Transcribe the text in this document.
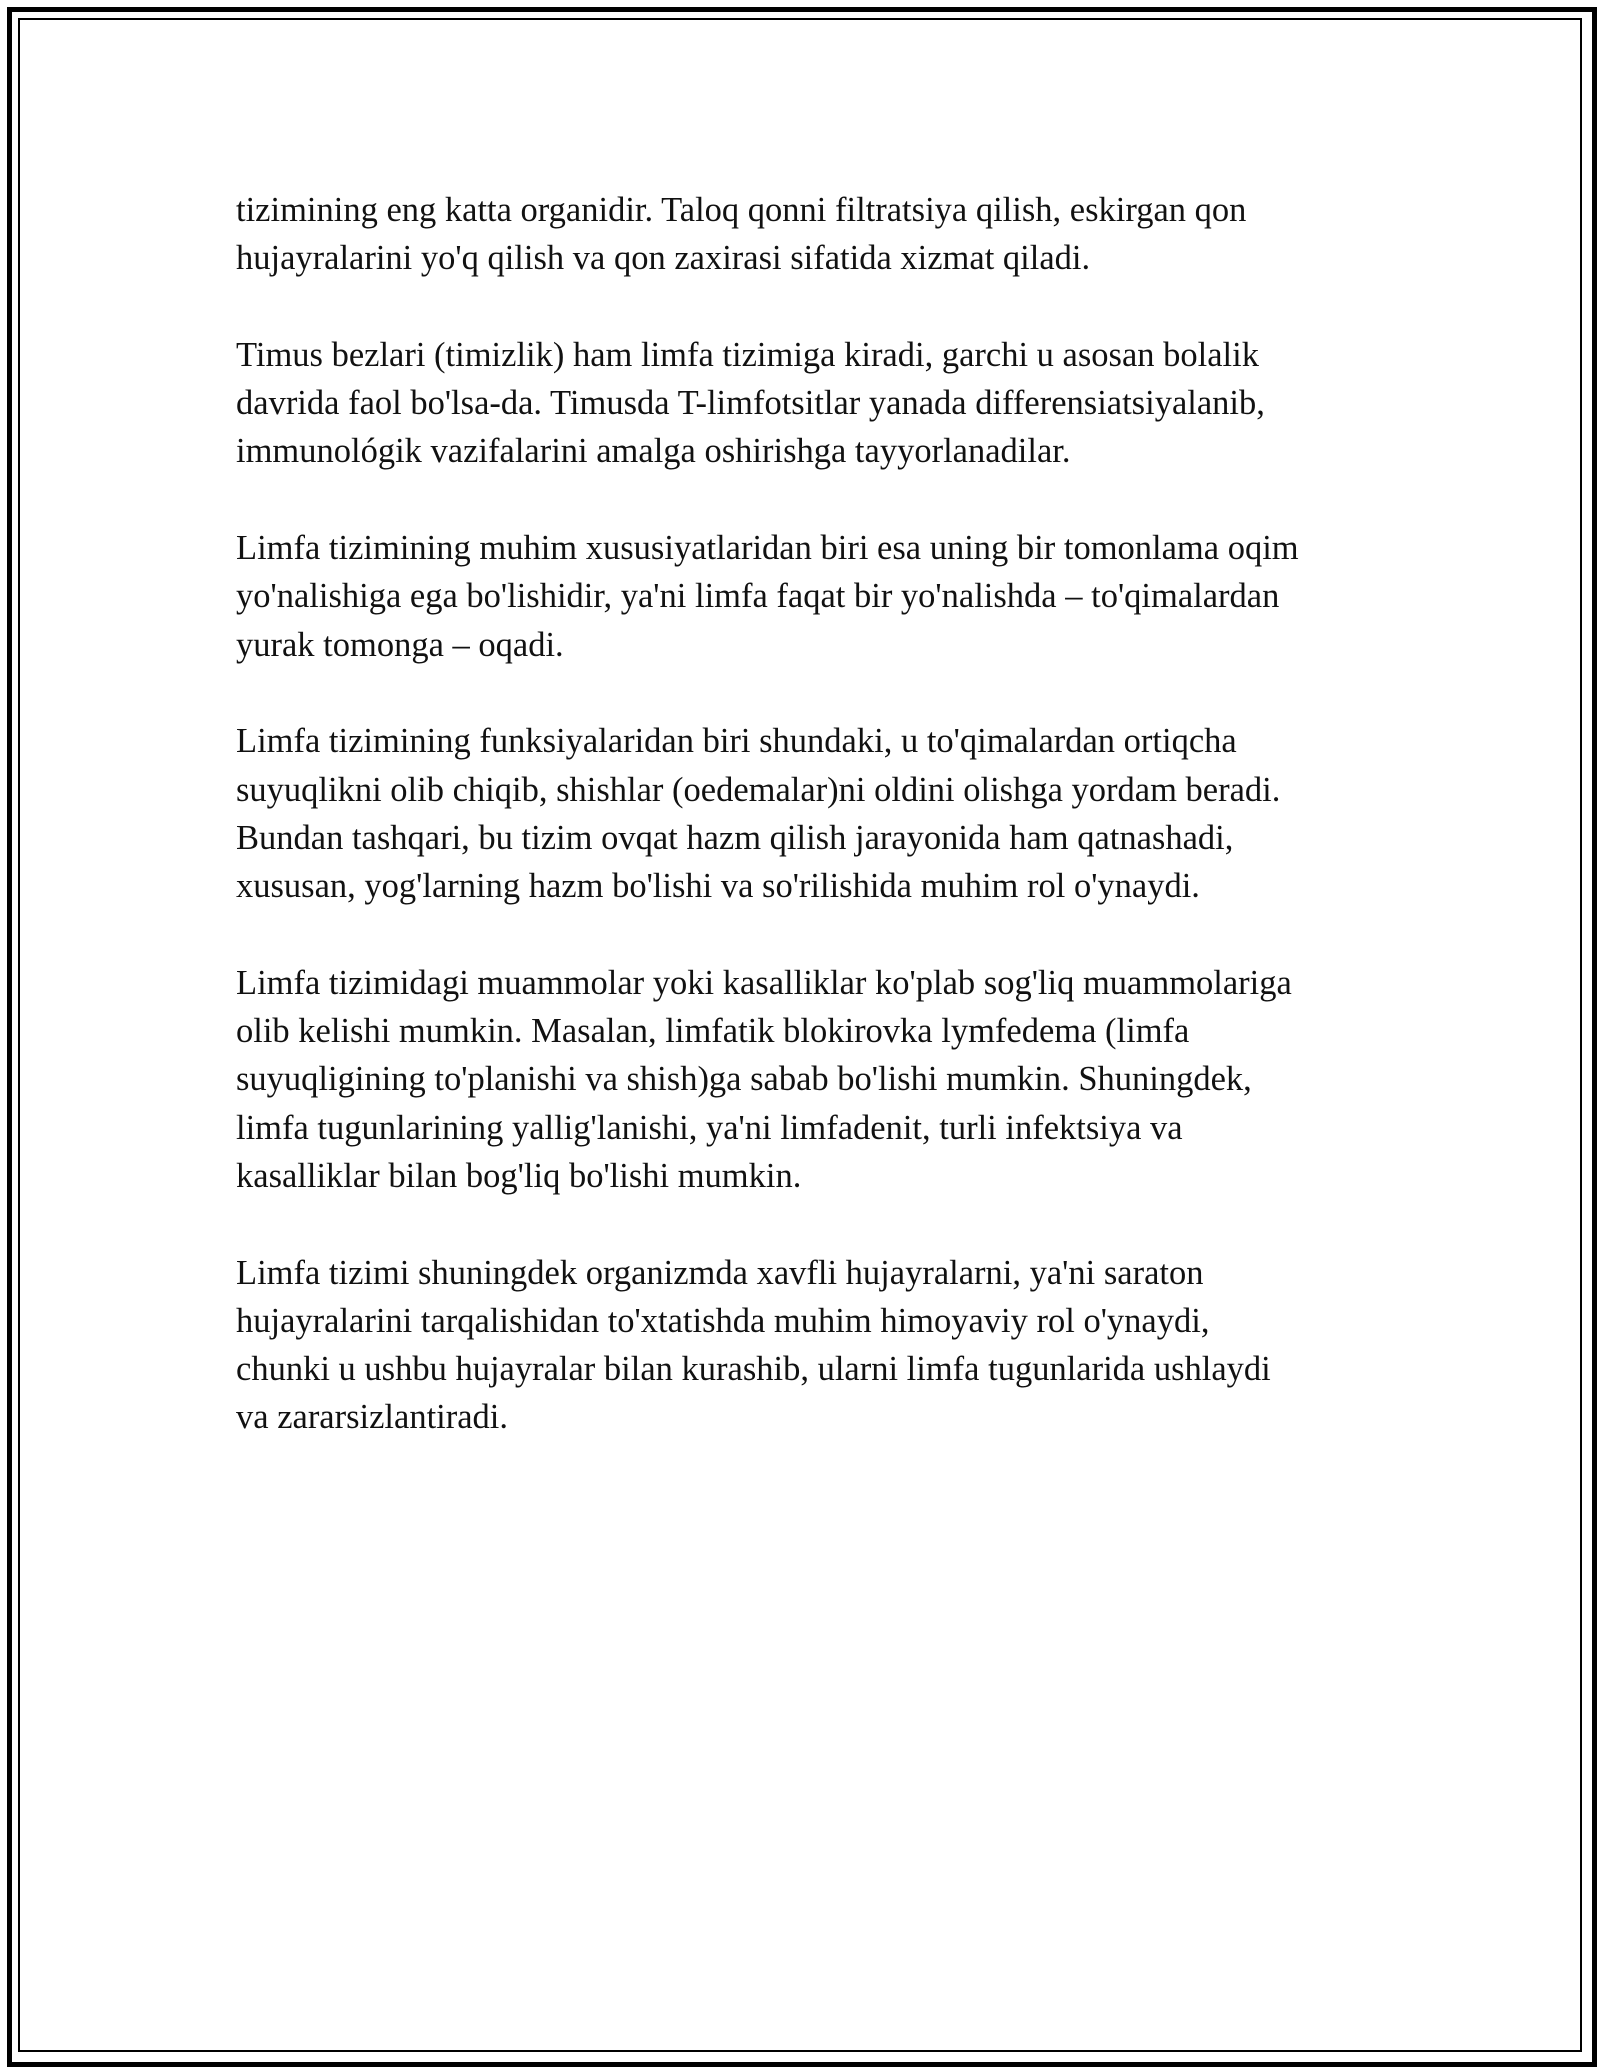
tizimining eng katta organidir. Taloq qonni filtratsiya qilish, eskirgan qon
hujayralarini yo'q qilish va qon zaxirasi sifatida xizmat qiladi.

Timus bezlari (timizlik) ham limfa tizimiga kiradi, garchi u asosan bolalik
davrida faol bo'lsa-da. Timusda T-limfotsitlar yanada differensiatsiyalanib,
immunológik vazifalarini amalga oshirishga tayyorlanadilar.

Limfa tizimining muhim xususiyatlaridan biri esa uning bir tomonlama oqim
yo'nalishiga ega bo'lishidir, ya'ni limfa faqat bir yo'nalishda – to'qimalardan
yurak tomonga – oqadi.

Limfa tizimining funksiyalaridan biri shundaki, u to'qimalardan ortiqcha
suyuqlikni olib chiqib, shishlar (oedemalar)ni oldini olishga yordam beradi.
Bundan tashqari, bu tizim ovqat hazm qilish jarayonida ham qatnashadi,
xususan, yog'larning hazm bo'lishi va so'rilishida muhim rol o'ynaydi.

Limfa tizimidagi muammolar yoki kasalliklar ko'plab sog'liq muammolariga
olib kelishi mumkin. Masalan, limfatik blokirovka lymfedema (limfa
suyuqligining to'planishi va shish)ga sabab bo'lishi mumkin. Shuningdek,
limfa tugunlarining yallig'lanishi, ya'ni limfadenit, turli infektsiya va
kasalliklar bilan bog'liq bo'lishi mumkin.

Limfa tizimi shuningdek organizmda xavfli hujayralarni, ya'ni saraton
hujayralarini tarqalishidan to'xtatishda muhim himoyaviy rol o'ynaydi,
chunki u ushbu hujayralar bilan kurashib, ularni limfa tugunlarida ushlaydi
va zararsizlantiradi.
